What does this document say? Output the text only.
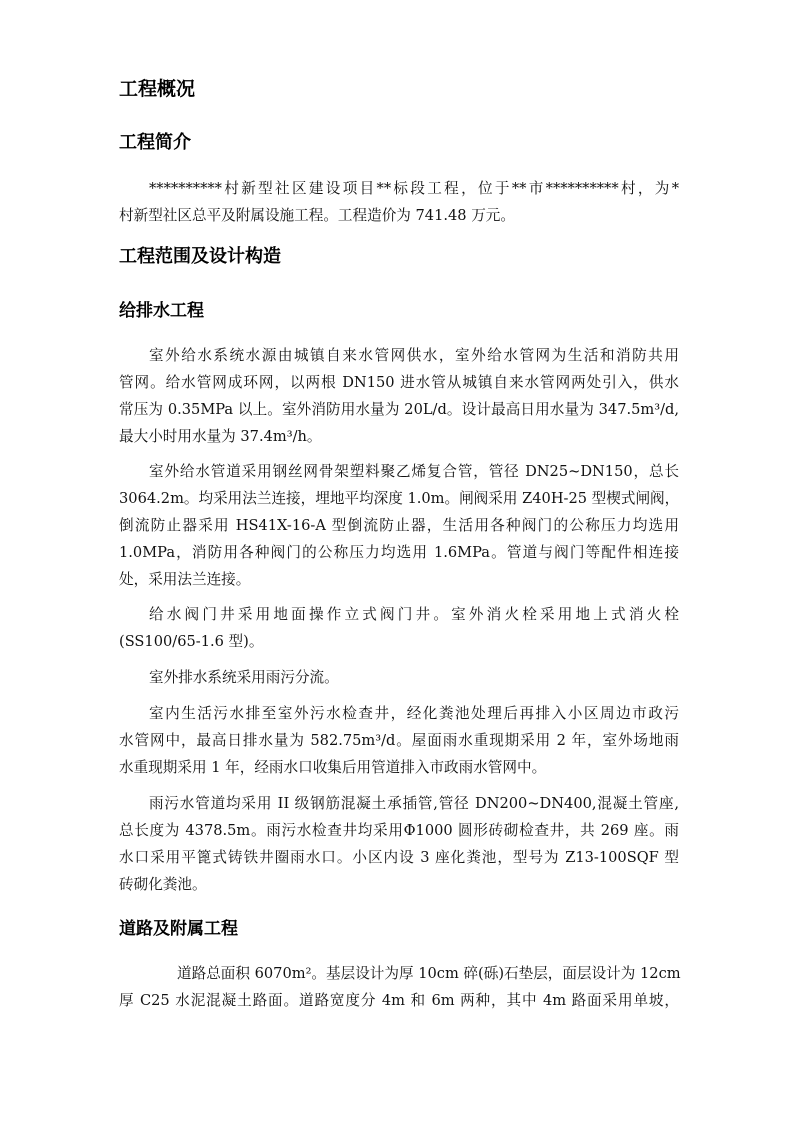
工程概况
工程简介
**********村新型社区建设项目**标段工程，位于**市**********村，为*
村新型社区总平及附属设施工程。工程造价为 741.48 万元。
工程范围及设计构造
给排水工程
室外给水系统水源由城镇自来水管网供水，室外给水管网为生活和消防共用
管网。给水管网成环网，以两根 DN150 进水管从城镇自来水管网两处引入，供水
常压为 0.35MPa 以上。室外消防用水量为 20L/d。设计最高日用水量为 347.5m³/d,
最大小时用水量为 37.4m³/h。
室外给水管道采用钢丝网骨架塑料聚乙烯复合管，管径 DN25~DN150，总长
3064.2m。均采用法兰连接，埋地平均深度 1.0m。闸阀采用 Z40H-25 型楔式闸阀，
倒流防止器采用 HS41X-16-A 型倒流防止器，生活用各种阀门的公称压力均选用
1.0MPa，消防用各种阀门的公称压力均选用 1.6MPa。管道与阀门等配件相连接
处，采用法兰连接。
给水阀门井采用地面操作立式阀门井。室外消火栓采用地上式消火栓
(SS100/65-1.6 型)。
室外排水系统采用雨污分流。
室内生活污水排至室外污水检查井，经化粪池处理后再排入小区周边市政污
水管网中，最高日排水量为 582.75m³/d。屋面雨水重现期采用 2 年，室外场地雨
水重现期采用 1 年，经雨水口收集后用管道排入市政雨水管网中。
雨污水管道均采用 II 级钢筋混凝土承插管,管径 DN200~DN400,混凝土管座,
总长度为 4378.5m。雨污水检查井均采用Φ1000 圆形砖砌检查井，共 269 座。雨
水口采用平篦式铸铁井圈雨水口。小区内设 3 座化粪池，型号为 Z13-100SQF 型
砖砌化粪池。
道路及附属工程
道路总面积 6070m²。基层设计为厚 10cm 碎(砾)石垫层，面层设计为 12cm
厚 C25 水泥混凝土路面。道路宽度分 4m 和 6m 两种，其中 4m 路面采用单坡，
